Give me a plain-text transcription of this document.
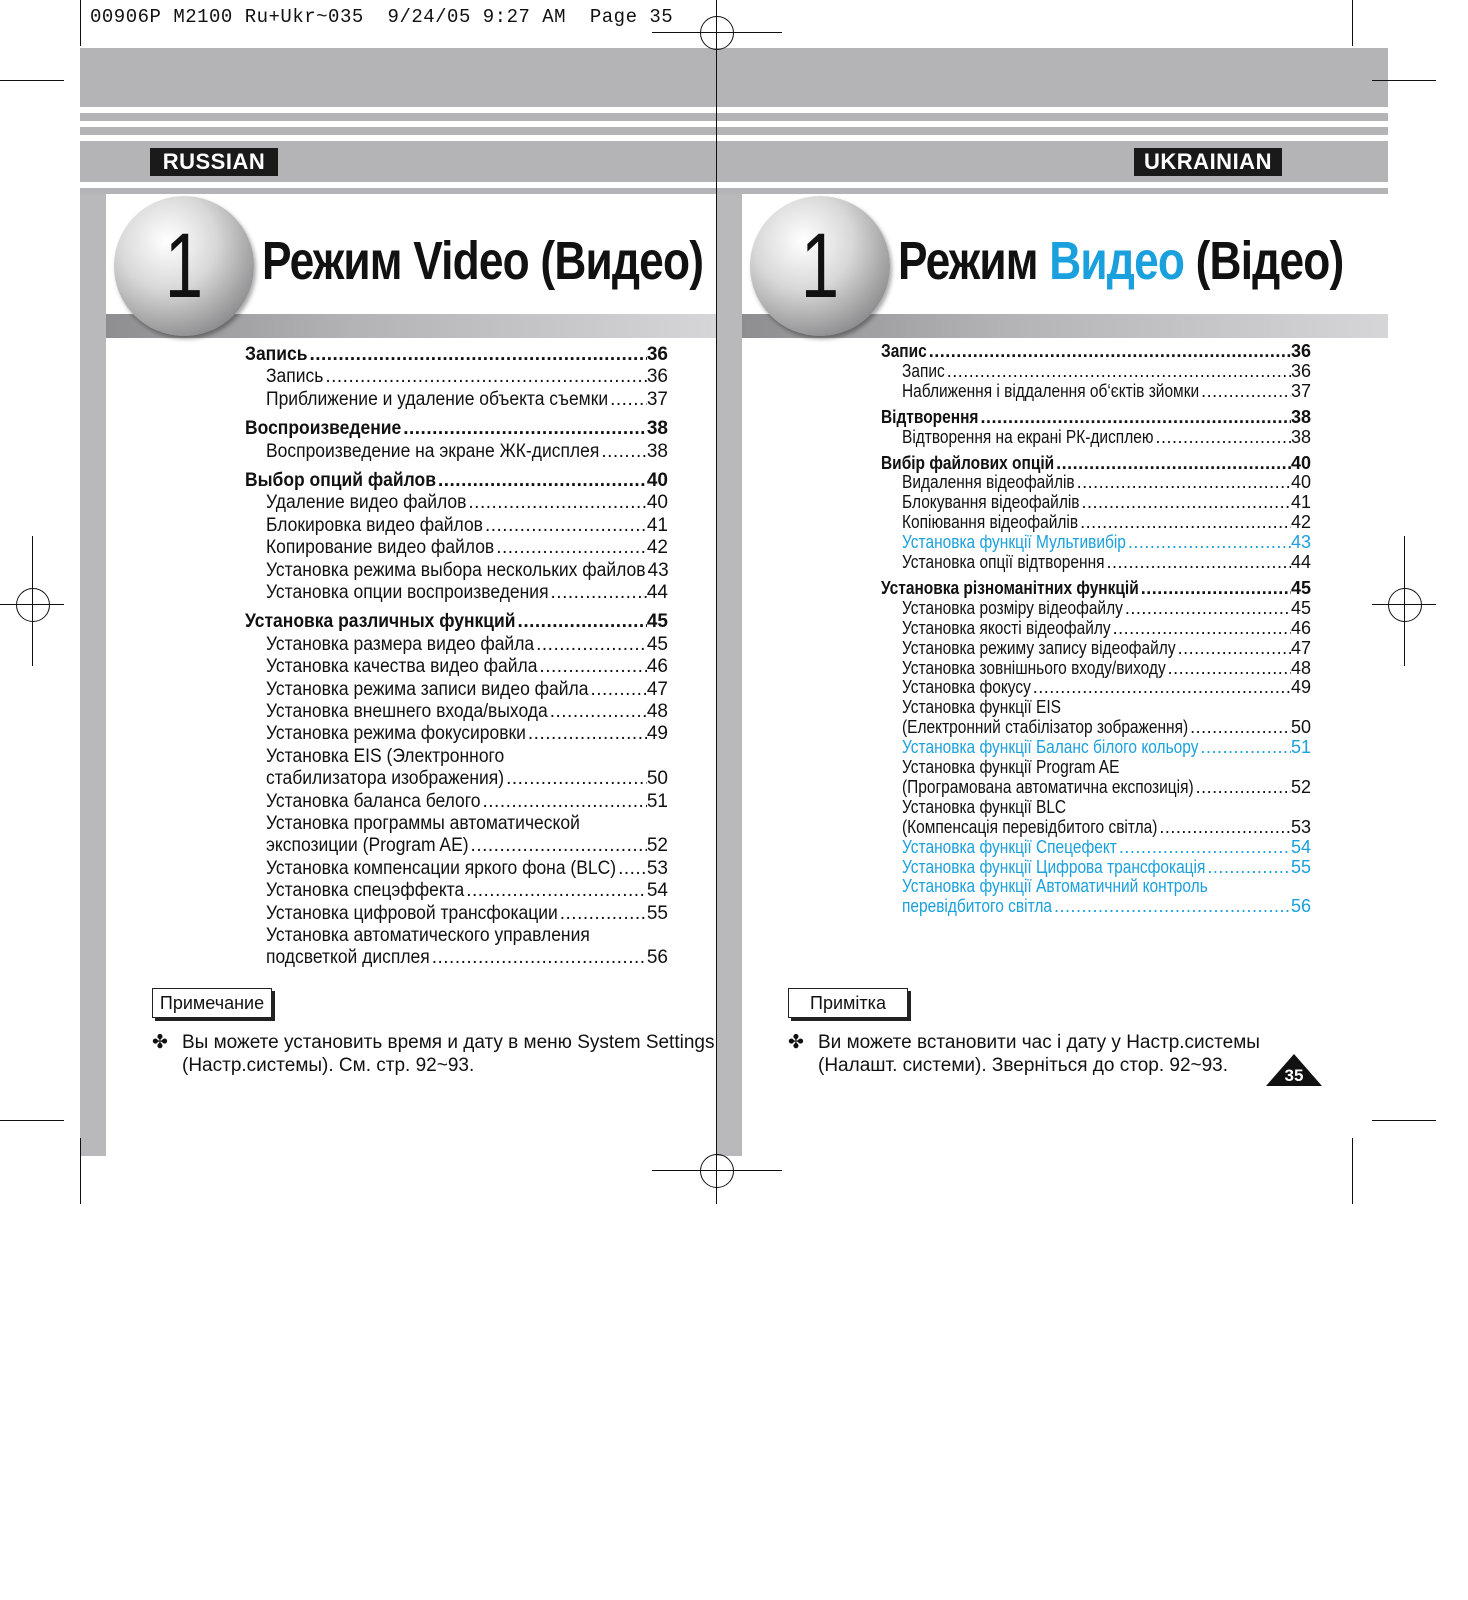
00906P M2100 Ru+Ukr~035  9/24/05 9:27 AM  Page 35
RUSSIAN
1	Режим Video (Видео)
Запись .....	36
Запись .....	36
Приближение и удаление объекта съемки ..... 37
Воспроизведение .....	38
Воспроизведение на экране ЖК-дисплея .....	38
Выбор опций файлов .....	40
Удаление видео файлов .....	40
Блокировка видео файлов .....	41
Копирование видео файлов .....	42
Установка режима выбора нескольких файлов 43
Установка опции воспроизведения .....	44
Установка различных функций .....	45
Установка размера видео файла .....	45
Установка качества видео файла .....	46
Установка режима записи видео файла .....	47
Установка внешнего входа/выхода .....	48
Установка режима фокусировки .....	49
Установка EIS (Электронного
стабилизатора изображения) .....	50
Установка баланса белого .....	51
Установка программы автоматической
экспозиции (Program AE) .....	52
Установка компенсации яркого фона (BLC) ..... 53
Установка спецэффекта .....	54
Установка цифровой трансфокации .....	55
Установка автоматического управления
подсветкой дисплея .....	56
Примечание
✤ Вы можете установить время и дату в меню System Settings
(Настр.системы). См. стр. 92~93.
UKRAINIAN
1	Режим Видео (Відео)
Запис .....	36
Запис .....	36
Наближення і віддалення об‘єктів зйомки .....	37
Відтворення .....	38
Відтворення на екрані РК-дисплею .....	38
Вибір файлових опцій .....	40
Видалення відеофайлів .....	40
Блокування відеофайлів .....	41
Копіювання відеофайлів .....	42
Установка функції Мультивибір .....	43
Установка опції відтворення .....	44
Установка різноманітних функцій .....	45
Установка розміру відеофайлу .....	45
Установка якості відеофайлу .....	46
Установка режиму запису відеофайлу .....	47
Установка зовнішнього входу/виходу .....	48
Установка фокусу .....	49
Установка функції EIS
(Електронний стабілізатор зображення) .....	50
Установка функції Баланс білого кольору .....	51
Установка функції Program AE
(Програмована автоматична експозиція) .....	52
Установка функції BLC
(Компенсація перевідбитого світла) .....	53
Установка функції Спецефект .....	54
Установка функції Цифрова трансфокація .....	55
Установка функції Автоматичний контроль
перевідбитого світла .....	56
Примітка
✤ Ви можете встановити час і дату у Настр.системы
(Налашт. системи). Зверніться до стор. 92~93.	35
